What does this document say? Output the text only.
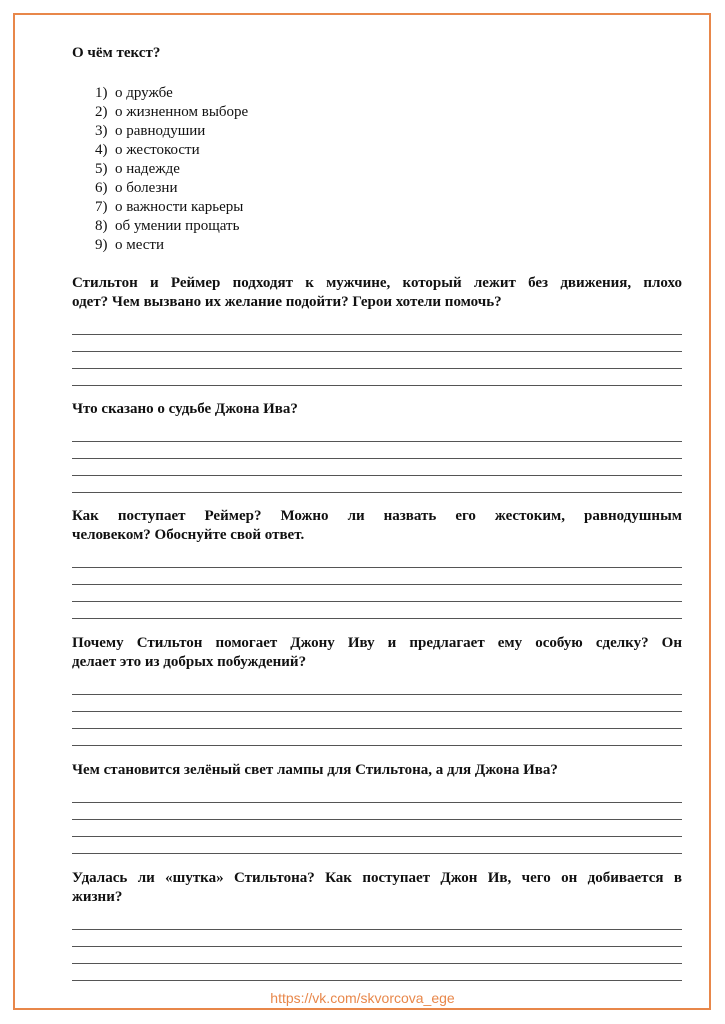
О чём текст?
1) о дружбе
2) о жизненном выборе
3) о равнодушии
4) о жестокости
5) о надежде
6) о болезни
7) о важности карьеры
8) об умении прощать
9) о мести

Стильтон и Реймер подходят к мужчине, который лежит без движения, плохо

одет? Чем вызвано их желание подойти? Герои хотели помочь?

Что сказано о судьбе Джона Ива?

Как поступает Реймер? Можно ли назвать его жестоким, равнодушным

человеком? Обоснуйте свой ответ.

Почему Стильтон помогает Джону Иву и предлагает ему особую сделку? Он

делает это из добрых побуждений?

Чем становится зелёный свет лампы для Стильтона, а для Джона Ива?

Удалась ли «шутка» Стильтона? Как поступает Джон Ив, чего он добивается в

жизни?

https://vk.com/skvorcova_ege
